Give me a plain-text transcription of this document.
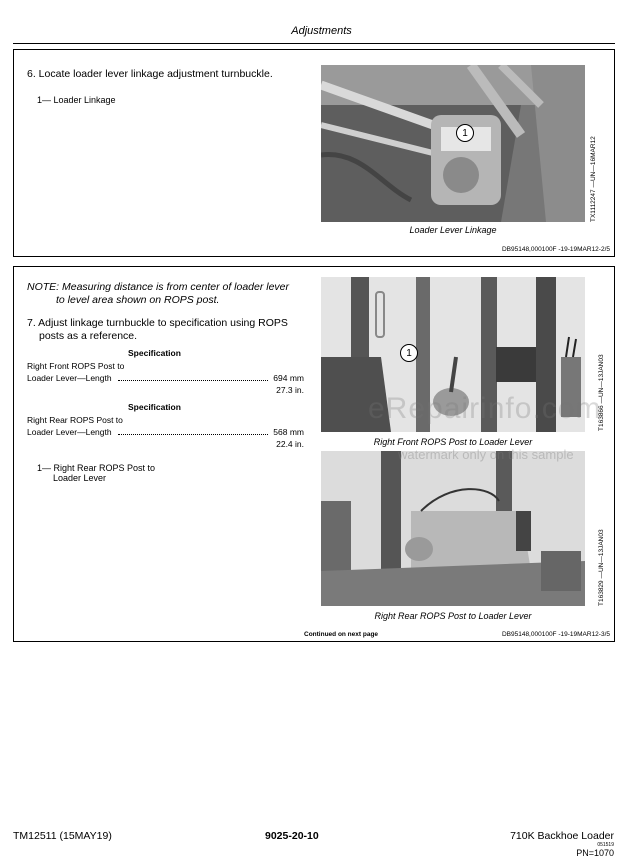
Adjustments
6. Locate loader lever linkage adjustment turnbuckle.
1— Loader Linkage
1
TX1112247 —UN—16MAR12
Loader Lever Linkage
DB95148,000100F -19-19MAR12-2/5
NOTE: Measuring distance is from center of loader lever
to level area shown on ROPS post.
7. Adjust linkage turnbuckle to specification using ROPS
posts as a reference.
Specification
Right Front ROPS Post to
Loader Lever—Length	694 mm
27.3 in.
Specification
Right Rear ROPS Post to
Loader Lever—Length	568 mm
22.4 in.
1— Right Rear ROPS Post to
Loader Lever
1
T163866 —UN—13JAN03
Right Front ROPS Post to Loader Lever
T163829 —UN—13JAN03
Right Rear ROPS Post to Loader Lever
Continued on next page	DB95148,000100F -19-19MAR12-3/5
eRepairinfo.com
watermark only on this sample
TM12511 (15MAY19)	9025-20-10	710K Backhoe Loader
051519
PN=1070
